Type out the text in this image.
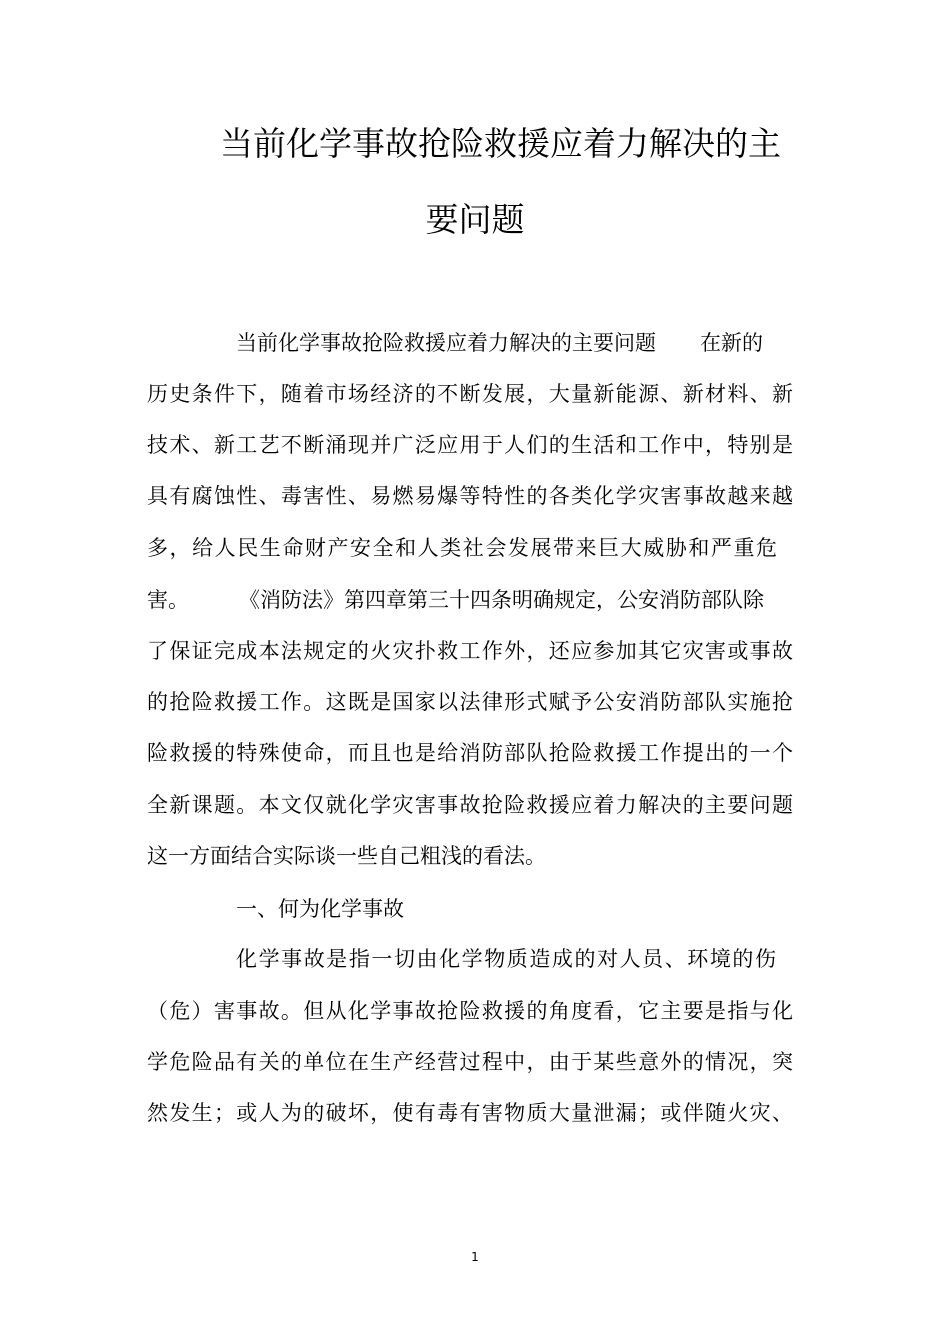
当前化学事故抢险救援应着力解决的主
要问题

当前化学事故抢险救援应着力解决的主要问题 在新的

历史条件下，随着市场经济的不断发展，大量新能源、新材料、新

技术、新工艺不断涌现并广泛应用于人们的生活和工作中，特别是

具有腐蚀性、毒害性、易燃易爆等特性的各类化学灾害事故越来越

多，给人民生命财产安全和人类社会发展带来巨大威胁和严重危

害。 《消防法》第四章第三十四条明确规定，公安消防部队除

了保证完成本法规定的火灾扑救工作外，还应参加其它灾害或事故

的抢险救援工作。这既是国家以法律形式赋予公安消防部队实施抢

险救援的特殊使命，而且也是给消防部队抢险救援工作提出的一个

全新课题。本文仅就化学灾害事故抢险救援应着力解决的主要问题

这一方面结合实际谈一些自己粗浅的看法。

一、何为化学事故

化学事故是指一切由化学物质造成的对人员、环境的伤

（危）害事故。但从化学事故抢险救援的角度看，它主要是指与化

学危险品有关的单位在生产经营过程中，由于某些意外的情况，突

然发生；或人为的破坏，使有毒有害物质大量泄漏；或伴随火灾、

1
